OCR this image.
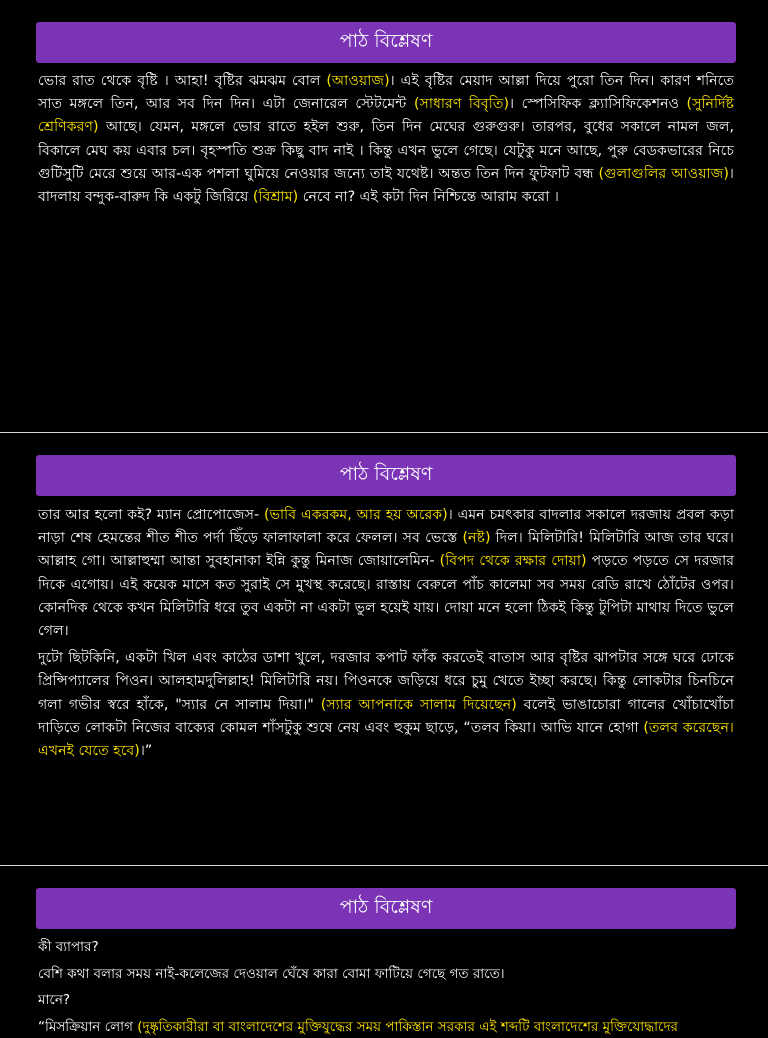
পাঠ বিশ্লেষণ

ভোর রাত থেকে বৃষ্টি । আহা! বৃষ্টির ঝমঝম বোল (আওয়াজ)। এই বৃষ্টির মেয়াদ আল্লা দিয়ে পুরো তিন দিন। কারণ শনিতে সাত মঙ্গলে তিন, আর সব দিন দিন। এটা জেনারেল স্টেটমেন্ট (সাধারণ বিবৃতি)। স্পেসিফিক ক্ল্যাসিফিকেশনও (সুনির্দিষ্ট শ্রেণিকরণ) আছে। যেমন, মঙ্গলে ভোর রাতে হইল শুরু, তিন দিন মেঘের গুরুগুরু। তারপর, বুধের সকালে নামল জল, বিকালে মেঘ কয় এবার চল। বৃহস্পতি শুক্র কিছু বাদ নাই । কিন্তু এখন ভুলে গেছে। যেটুকু মনে আছে, পুরু বেডকভারের নিচে গুটিসুটি মেরে শুয়ে আর-এক পশলা ঘুমিয়ে নেওয়ার জন্যে তাই যথেষ্ট। অন্তত তিন দিন ফুটফাট বন্ধ (গুলাগুলির আওয়াজ)। বাদলায় বন্দুক-বারুদ কি একটু জিরিয়ে (বিশ্রাম) নেবে না? এই কটা দিন নিশ্চিন্তে আরাম করো ।

পাঠ বিশ্লেষণ

তার আর হলো কই? ম্যান প্রোপোজেস- (ভাবি একরকম, আর হয় অরেক)। এমন চমৎকার বাদলার সকালে দরজায় প্রবল কড়া নাড়া শেষ হেমন্তের শীত শীত পর্দা ছিঁড়ে ফালাফালা করে ফেলল। সব ভেস্তে (নষ্ট) দিল। মিলিটারি! মিলিটারি আজ তার ঘরে। আল্লাহ গো। আল্লাহুম্মা আন্তা সুবহানাকা ইন্নি কুন্তু মিনাজ জোয়ালেমিন- (বিপদ থেকে রক্ষার দোয়া) পড়তে পড়তে সে দরজার দিকে এগোয়। এই কয়েক মাসে কত সুরাই সে মুখস্থ করেছে। রাস্তায় বেরুলে পাঁচ কালেমা সব সময় রেডি রাখে ঠোঁটের ওপর। কোনদিক থেকে কখন মিলিটারি ধরে তুব একটা না একটা ভুল হয়েই যায়। দোয়া মনে হলো ঠিকই কিন্তু টুপিটা মাথায় দিতে ভুলে গেল।

দুটো ছিটকিনি, একটা খিল এবং কাঠের ডাশা খুলে, দরজার কপাট ফাঁক করতেই বাতাস আর বৃষ্টির ঝাপটার সঙ্গে ঘরে ঢোকে প্রিন্সিপ্যালের পিওন। আলহামদুলিল্লাহ! মিলিটারি নয়। পিওনকে জড়িয়ে ধরে চুমু খেতে ইচ্ছা করছে। কিন্তু লোকটার চিনচিনে গলা গভীর স্বরে হাঁকে, "স্যার নে সালাম দিয়া।" (স্যার আপনাকে সালাম দিয়েছেন) বলেই ভাঙাচোরা গালের খোঁচাখোঁচা দাড়িতে লোকটা নিজের বাক্যের কোমল শাঁসটুকু শুষে নেয় এবং হুকুম ছাড়ে, “তলব কিয়া। আভি যানে হোগা (তলব করেছেন। এখনই যেতে হবে)।”

পাঠ বিশ্লেষণ

কী ব্যাপার?

বেশি কথা বলার সময় নাই-কলেজের দেওয়াল ঘেঁষে কারা বোমা ফাটিয়ে গেছে গত রাতে।

মানে?

“মিসক্রিয়ান লোগ (দুষ্কৃতিকারীরা বা বাংলাদেশের মুক্তিযুদ্ধের সময় পাকিস্তান সরকার এই শব্দটি বাংলাদেশের মুক্তিযোদ্ধাদের
